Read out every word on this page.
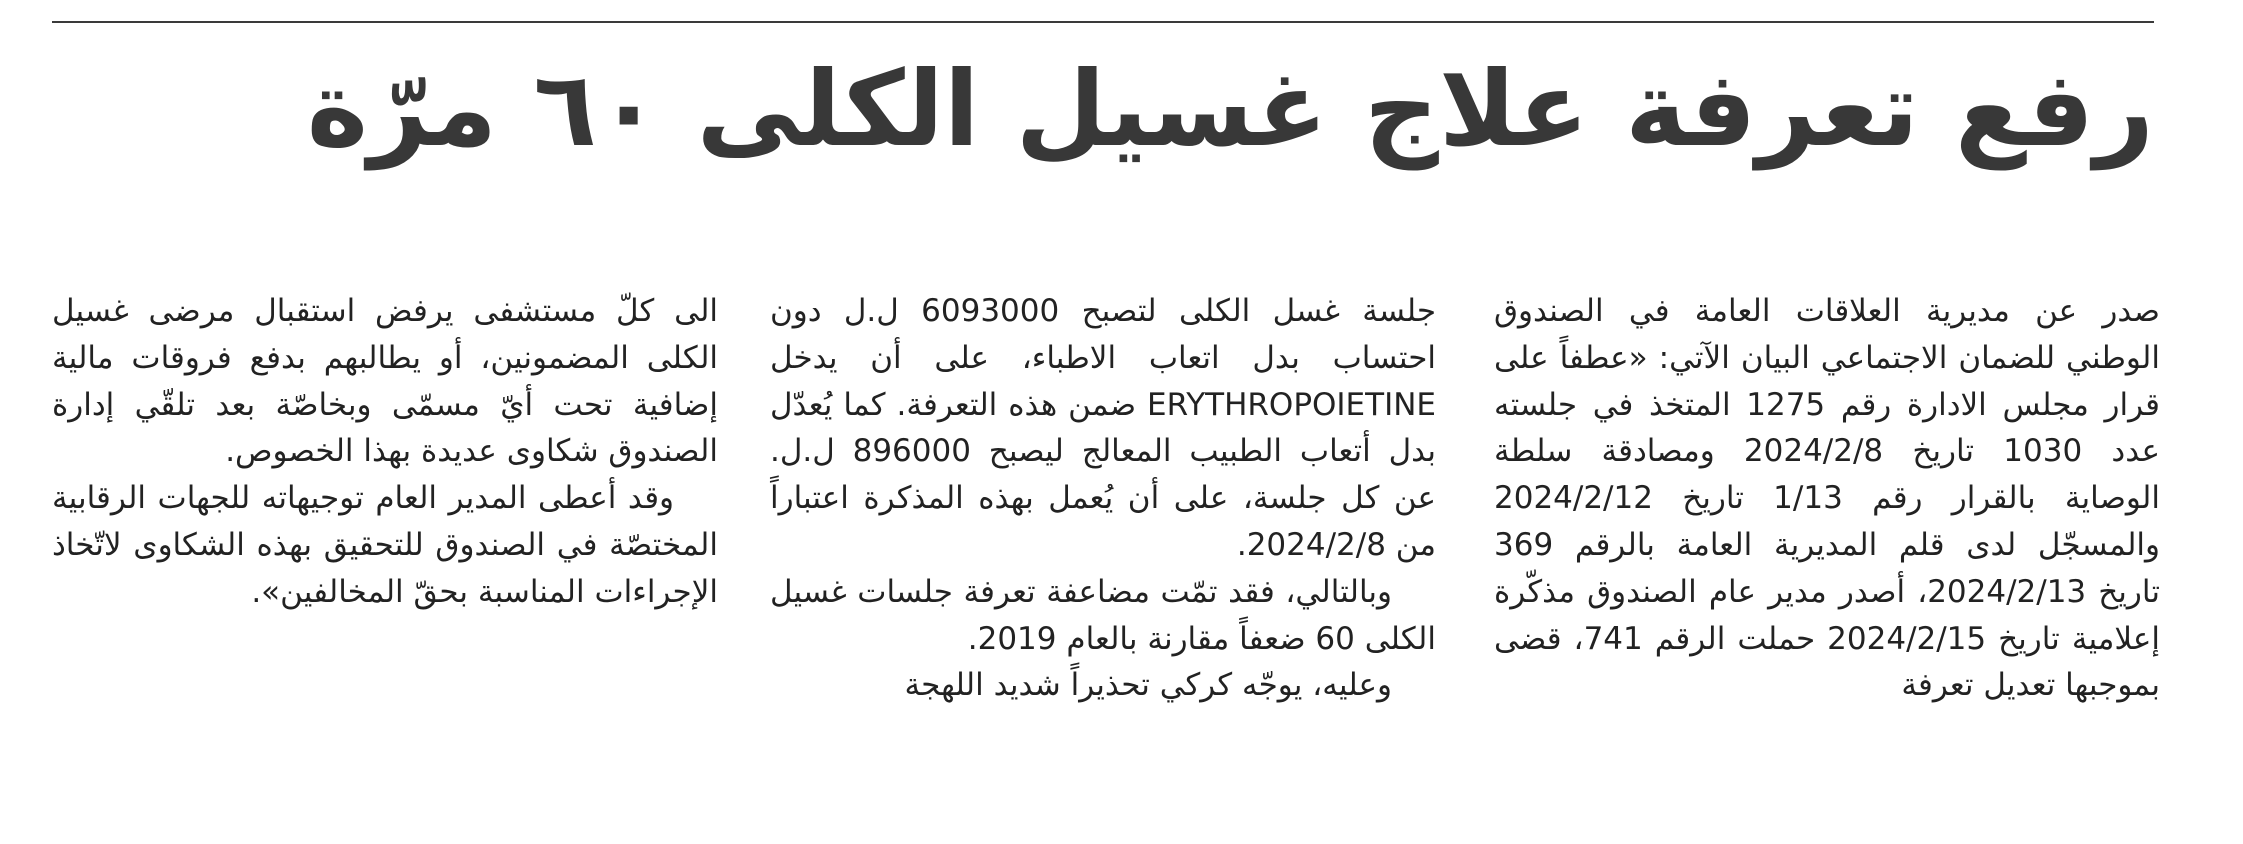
رفع تعرفة علاج غسيل الكلى ٦٠ مرّة

صدر عن مديرية العلاقات العامة في الصندوق الوطني للضمان الاجتماعي البيان الآتي: «عطفاً على قرار مجلس الادارة رقم 1275 المتخذ في جلسته عدد 1030 تاريخ 2024/2/8 ومصادقة سلطة الوصاية بالقرار رقم 1/13 تاريخ 2024/2/12 والمسجّل لدى قلم المديرية العامة بالرقم 369 تاريخ 2024/2/13، أصدر مدير عام الصندوق مذكّرة إعلامية تاريخ 2024/2/15 حملت الرقم 741، قضى بموجبها تعديل تعرفة

جلسة غسل الكلى لتصبح 6093000 ل.ل دون احتساب بدل اتعاب الاطباء، على أن يدخل ERYTHROPOIETINE ضمن هذه التعرفة. كما يُعدّل بدل أتعاب الطبيب المعالج ليصبح 896000 ل.ل. عن كل جلسة، على أن يُعمل بهذه المذكرة اعتباراً من 2024/2/8.

وبالتالي، فقد تمّت مضاعفة تعرفة جلسات غسيل الكلى 60 ضعفاً مقارنة بالعام 2019.

وعليه، يوجّه كركي تحذيراً شديد اللهجة

الى كلّ مستشفى يرفض استقبال مرضى غسيل الكلى المضمونين، أو يطالبهم بدفع فروقات مالية إضافية تحت أيّ مسمّى وبخاصّة بعد تلقّي إدارة الصندوق شكاوى عديدة بهذا الخصوص.

وقد أعطى المدير العام توجيهاته للجهات الرقابية المختصّة في الصندوق للتحقيق بهذه الشكاوى لاتّخاذ الإجراءات المناسبة بحقّ المخالفين».
